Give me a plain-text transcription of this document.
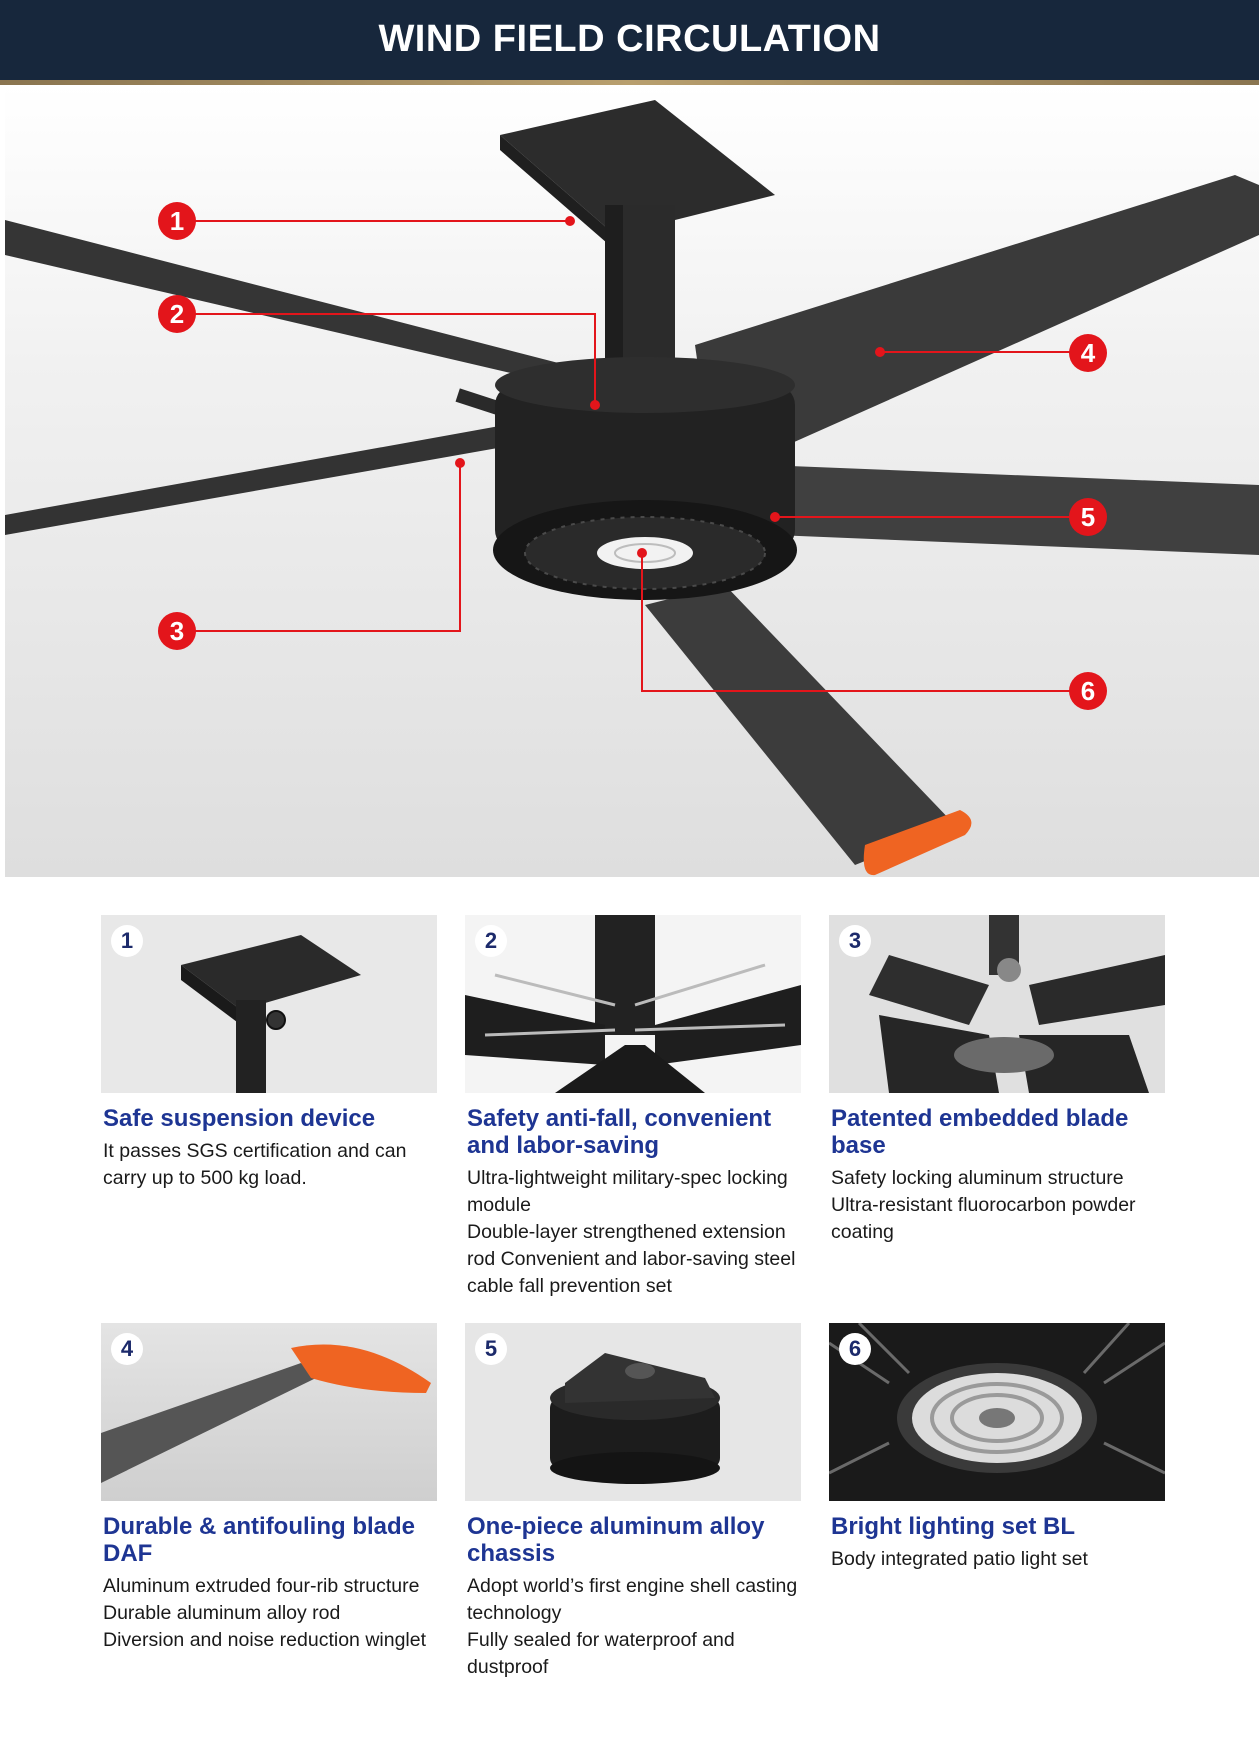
WIND FIELD CIRCULATION
1
2
3
4
5
6
1
Safe suspension device

It passes SGS certification and can carry up to 500 kg load.

2
Safety anti-fall, convenient and labor-saving

Ultra-lightweight military-spec locking module
Double-layer strengthened extension rod Convenient and labor-saving steel cable fall prevention set

3
Patented embedded blade base

Safety locking aluminum structure
Ultra-resistant fluorocarbon powder coating

4
Durable & antifouling blade DAF

Aluminum extruded four-rib structure
Durable aluminum alloy rod
Diversion and noise reduction winglet

5
One-piece aluminum alloy chassis

Adopt world’s first engine shell casting technology
Fully sealed for waterproof and dustproof

6
Bright lighting set BL

Body integrated patio light set
